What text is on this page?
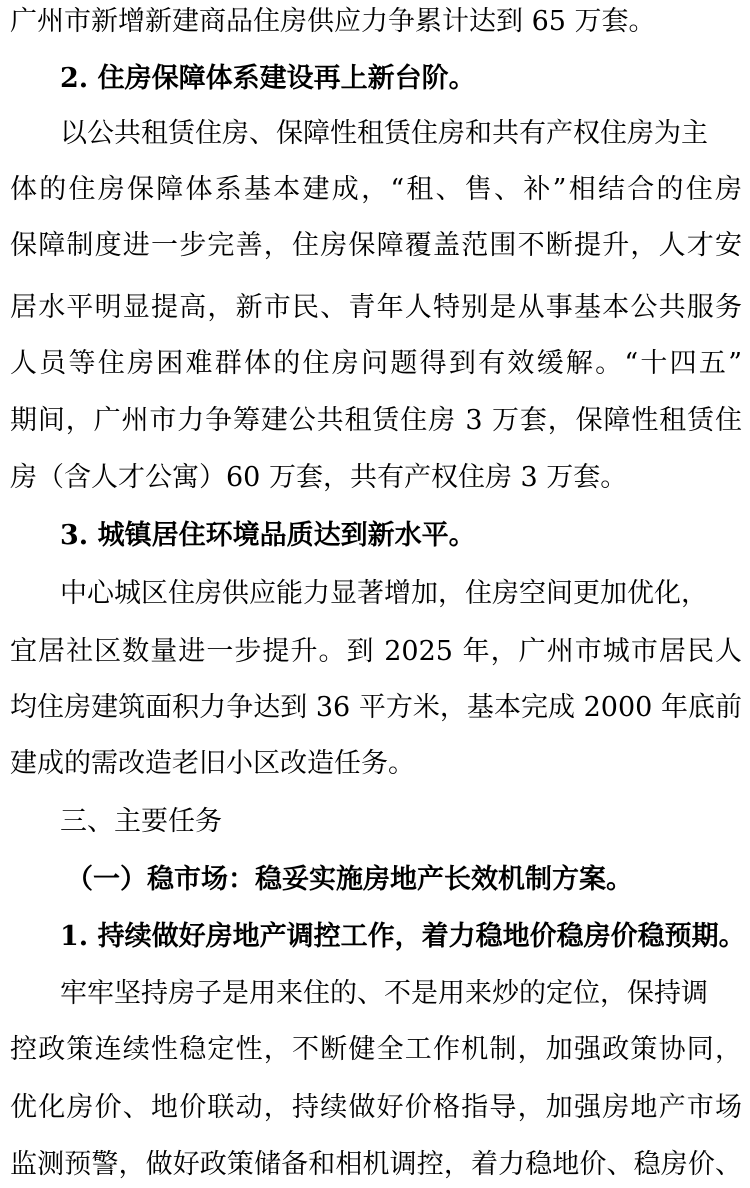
广州市新增新建商品住房供应力争累计达到 65 万套。
2. 住房保障体系建设再上新台阶。
以公共租赁住房、保障性租赁住房和共有产权住房为主
体的住房保障体系基本建成，“租、售、补”相结合的住房
保障制度进一步完善，住房保障覆盖范围不断提升，人才安
居水平明显提高，新市民、青年人特别是从事基本公共服务
人员等住房困难群体的住房问题得到有效缓解。“十四五”
期间，广州市力争筹建公共租赁住房 3 万套，保障性租赁住
房（含人才公寓）60 万套，共有产权住房 3 万套。
3. 城镇居住环境品质达到新水平。
中心城区住房供应能力显著增加，住房空间更加优化，
宜居社区数量进一步提升。到 2025 年，广州市城市居民人
均住房建筑面积力争达到 36 平方米，基本完成 2000 年底前
建成的需改造老旧小区改造任务。
三、主要任务
（一）稳市场：稳妥实施房地产长效机制方案。
1. 持续做好房地产调控工作，着力稳地价稳房价稳预期。
牢牢坚持房子是用来住的、不是用来炒的定位，保持调
控政策连续性稳定性，不断健全工作机制，加强政策协同，
优化房价、地价联动，持续做好价格指导，加强房地产市场
监测预警，做好政策储备和相机调控，着力稳地价、稳房价、
